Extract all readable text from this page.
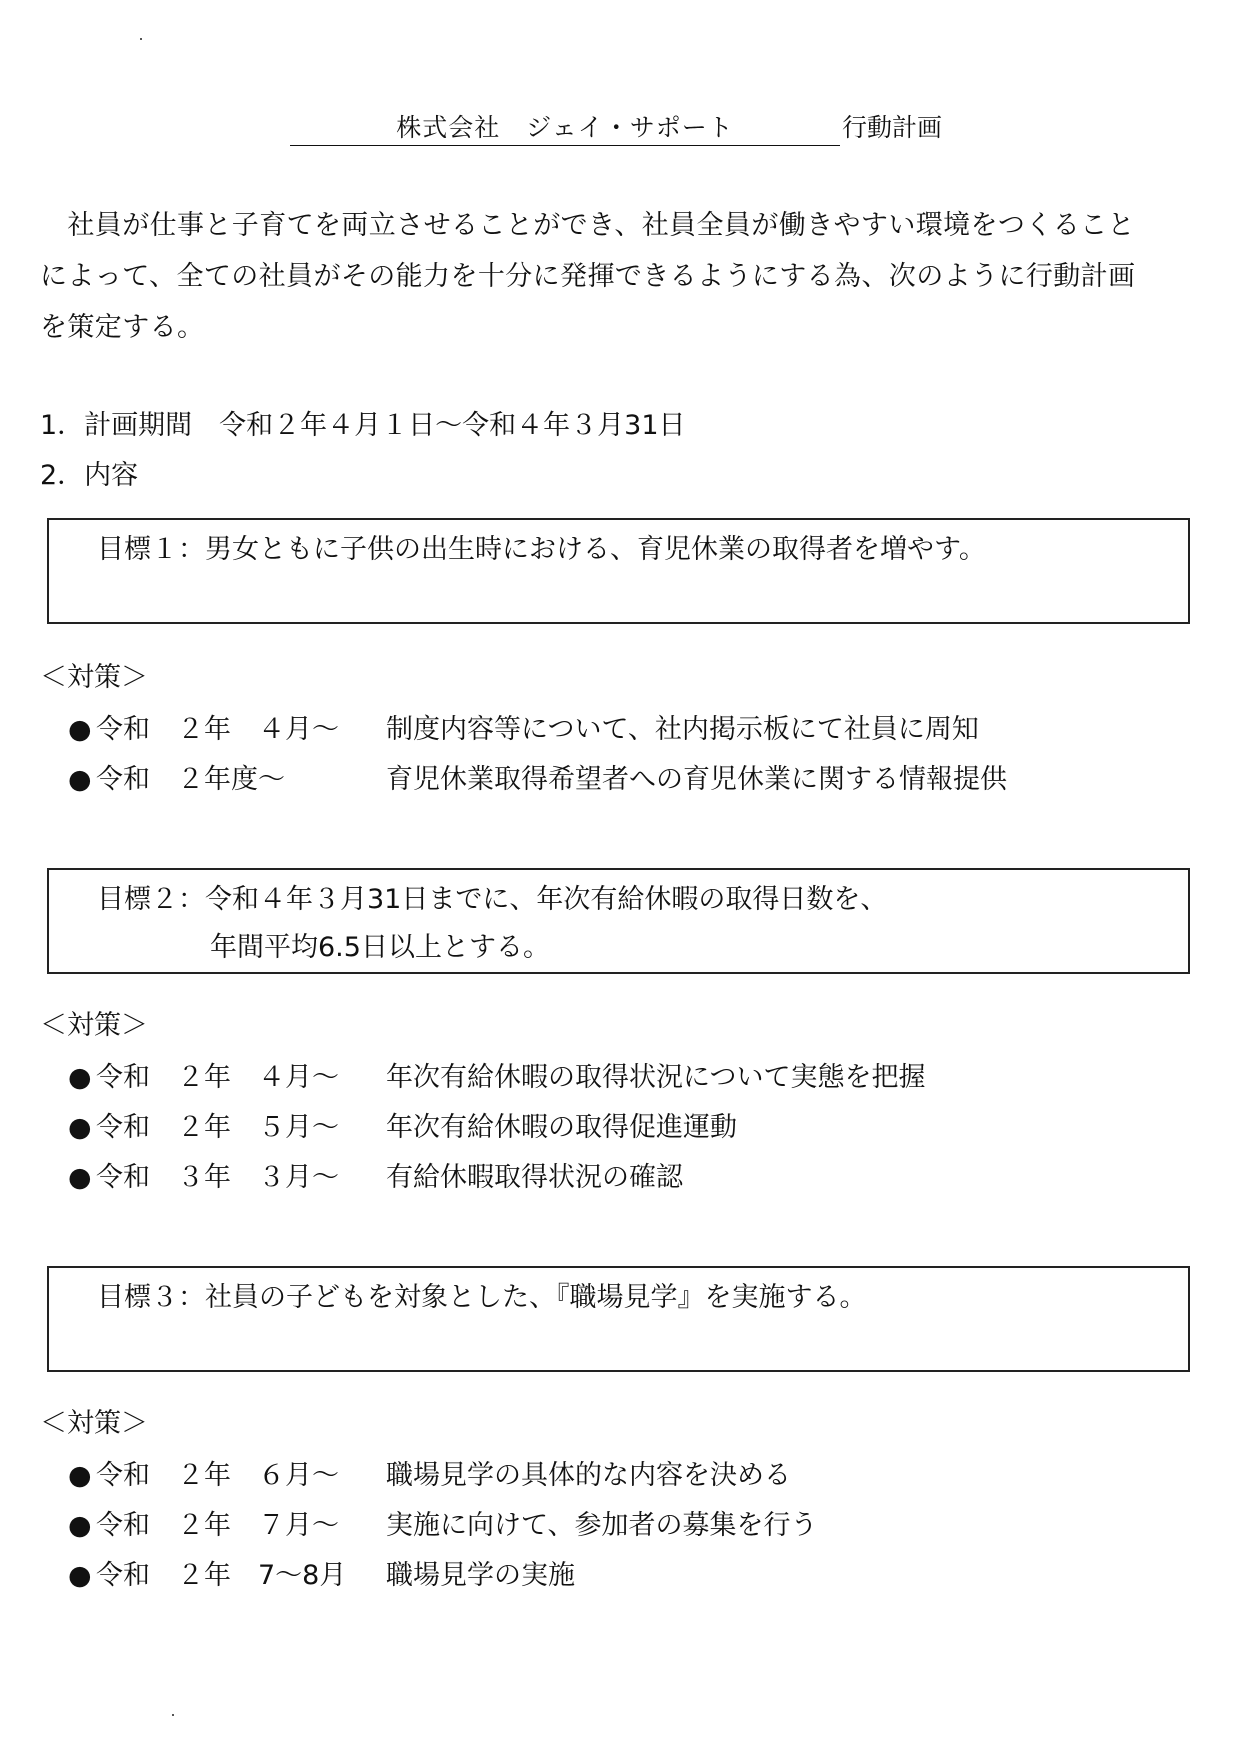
株式会社　ジェイ・サポート	行動計画

　社員が仕事と子育てを両立させることができ、社員全員が働きやすい環境をつくること

によって、全ての社員がその能力を十分に発揮できるようにする為、次のように行動計画

を策定する。

1．計画期間　令和２年４月１日～令和４年３月31日
2．内容
目標１：男女ともに子供の出生時における、育児休業の取得者を増やす。
＜対策＞
● 令和　２年　４月～ 制度内容等について、社内掲示板にて社員に周知
● 令和　２年度～	育児休業取得希望者への育児休業に関する情報提供
目標２：令和４年３月31日までに、年次有給休暇の取得日数を、
年間平均6.5日以上とする。
＜対策＞
● 令和　２年　４月～ 年次有給休暇の取得状況について実態を把握
● 令和　２年　５月～ 年次有給休暇の取得促進運動
● 令和　３年　３月～ 有給休暇取得状況の確認
目標３：社員の子どもを対象とした、『職場見学』を実施する。
＜対策＞
● 令和　２年　６月～ 職場見学の具体的な内容を決める
● 令和　２年　７月～ 実施に向けて、参加者の募集を行う
● 令和　２年　7～8月 職場見学の実施
